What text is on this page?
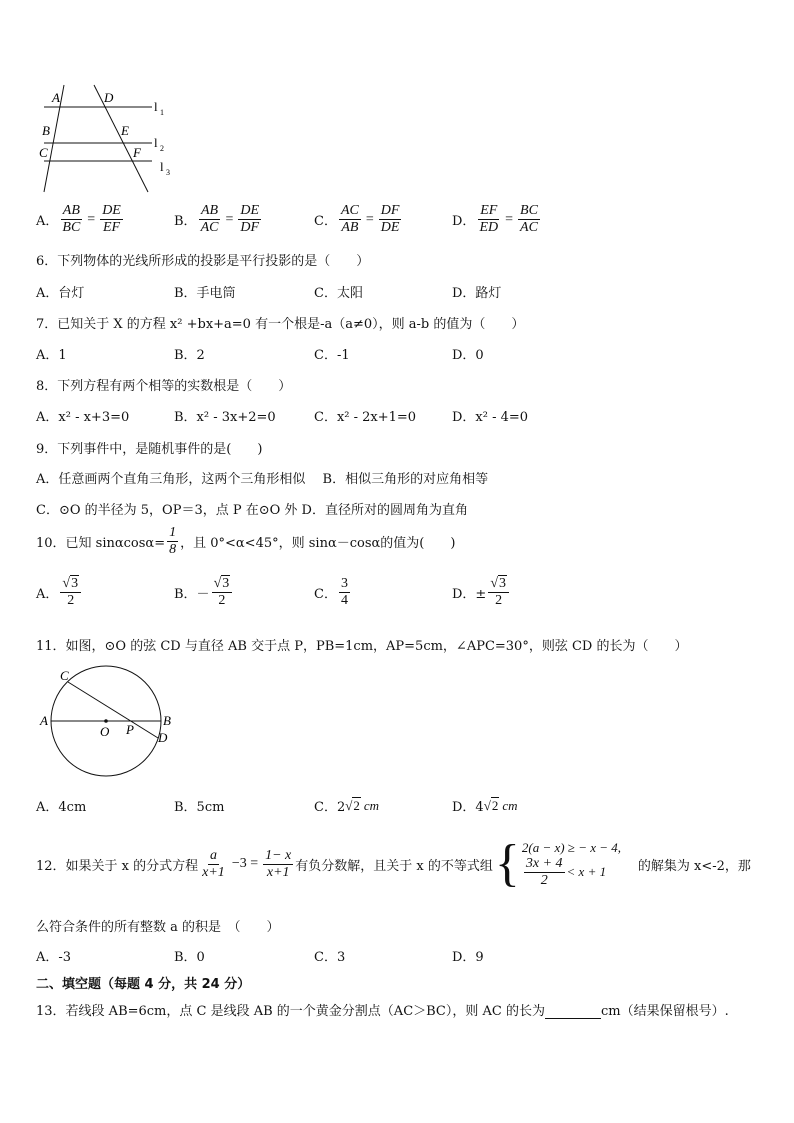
A	D
B	E
C	F
l 1
l 2
l 3
A． $\frac{AB}{BC} = \frac{DE}{EF}$	B． $\frac{AB}{AC} = \frac{DE}{DF}$	C． $\frac{AC}{AB} = \frac{DF}{DE}$	D． $\frac{EF}{ED} = \frac{BC}{AC}$
6．下列物体的光线所形成的投影是平行投影的是（　　）
A．台灯	B．手电筒	C．太阳	D．路灯
7．已知关于 X 的方程 x² +bx+a=0 有一个根是-a（a≠0），则 a-b 的值为（　　）
A．1	B．2	C．-1	D．0
8．下列方程有两个相等的实数根是（　　）
A．x² - x+3=0	B．x² - 3x+2=0	C．x² - 2x+1=0	D．x² - 4=0
9．下列事件中，是随机事件的是(　　)
A．任意画两个直角三角形，这两个三角形相似　 B．相似三角形的对应角相等
C．⊙O 的半径为 5，OP＝3，点 P 在⊙O 外 D．直径所对的圆周角为直角
10．已知 $\sin\alpha\cos\alpha= \frac{1}{8}$ ，且 0°<α<45°，则 sinα－cosα的值为(　　)
A． $\frac{√3}{2}$	B．－ $\frac{√3}{2}$	C． $\frac{3}{4}$	D．± $\frac{√3}{2}$
11．如图，⊙O 的弦 CD 与直径 AB 交于点 P，PB=1cm，AP=5cm，∠APC=30°，则弦 CD 的长为（　　）
C
A
O P
B
D
A．4cm	B．5cm	C．2 √2 cm	D．4 √2 cm
12．如果关于 x 的分式方程 $\frac{a}{x+1} -3 = \frac{1- x}{x+1}$ 有负分数解，且关于 x 的不等式组 { 2(a − x) ≥ − x − 4,
$\frac{3x + 4}{2} < x + 1$ 的解集为 x<-2，那
么符合条件的所有整数 a 的积是　（　　）
A．-3	B．0	C．3	D．9
二、填空题（每题 4 分，共 24 分）
13．若线段 AB=6cm，点 C 是线段 AB 的一个黄金分割点（AC＞BC），则 AC 的长为	cm（结果保留根号）.
